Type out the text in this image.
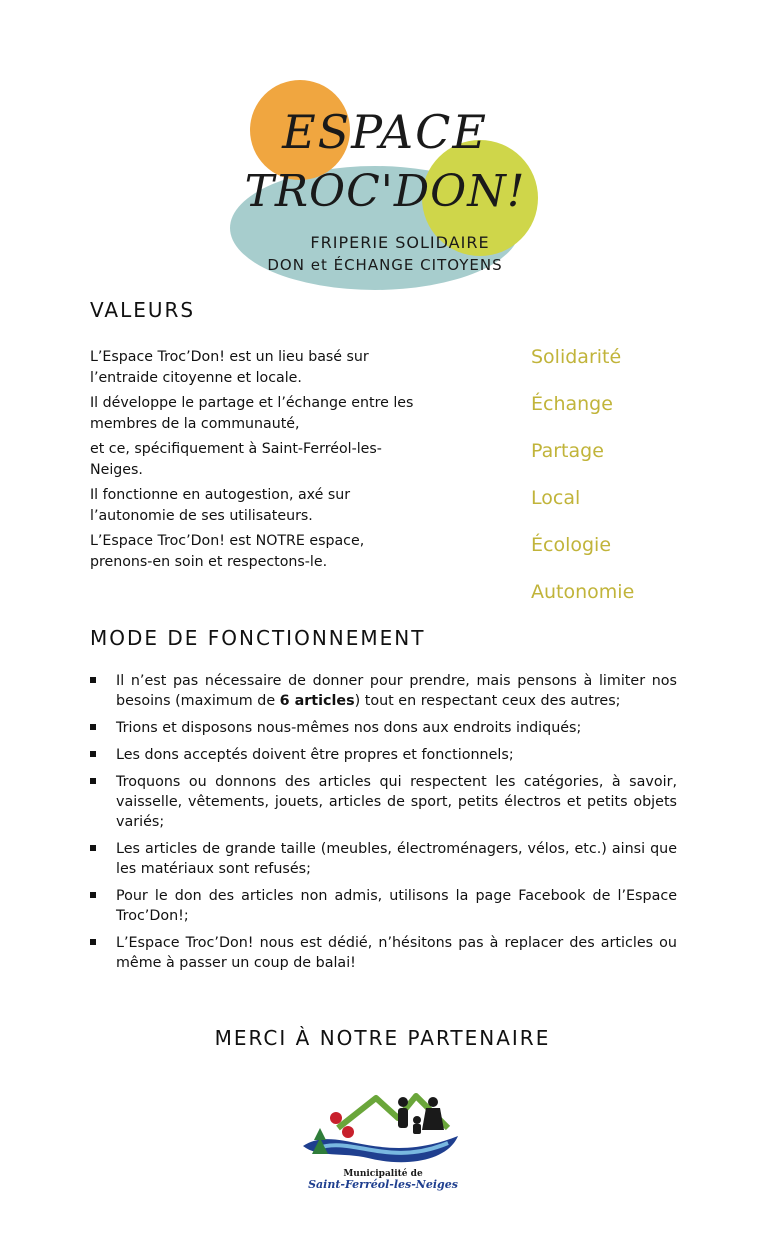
ESPACE
TROC'DON!
FRIPERIE SOLIDAIRE
DON et ÉCHANGE CITOYENS
VALEURS

L’Espace Troc’Don! est un lieu basé sur l’entraide citoyenne et locale.

Il développe le partage et l’échange entre les membres de la communauté,

et ce, spécifiquement à Saint-Ferréol-les-Neiges.

Il fonctionne en autogestion, axé sur l’autonomie de ses utilisateurs.

L’Espace Troc’Don! est NOTRE espace, prenons-en soin et respectons-le.

Solidarité
Échange
Partage
Local
Écologie
Autonomie
MODE DE FONCTIONNEMENT
Il n’est pas nécessaire de donner pour prendre, mais pensons à limiter nos besoins (maximum de 6 articles) tout en respectant ceux des autres;
Trions et disposons nous-mêmes nos dons aux endroits indiqués;
Les dons acceptés doivent être propres et fonctionnels;
Troquons ou donnons des articles qui respectent les catégories, à savoir, vaisselle, vêtements, jouets, articles de sport, petits électros et petits objets variés;
Les articles de grande taille (meubles, électroménagers, vélos, etc.) ainsi que les matériaux sont refusés;
Pour le don des articles non admis, utilisons la page Facebook de l’Espace Troc’Don!;
L’Espace Troc’Don! nous est dédié, n’hésitons pas à replacer des articles ou même à passer un coup de balai!
MERCI À NOTRE PARTENAIRE
Municipalité de
Saint-Ferréol-les-Neiges
